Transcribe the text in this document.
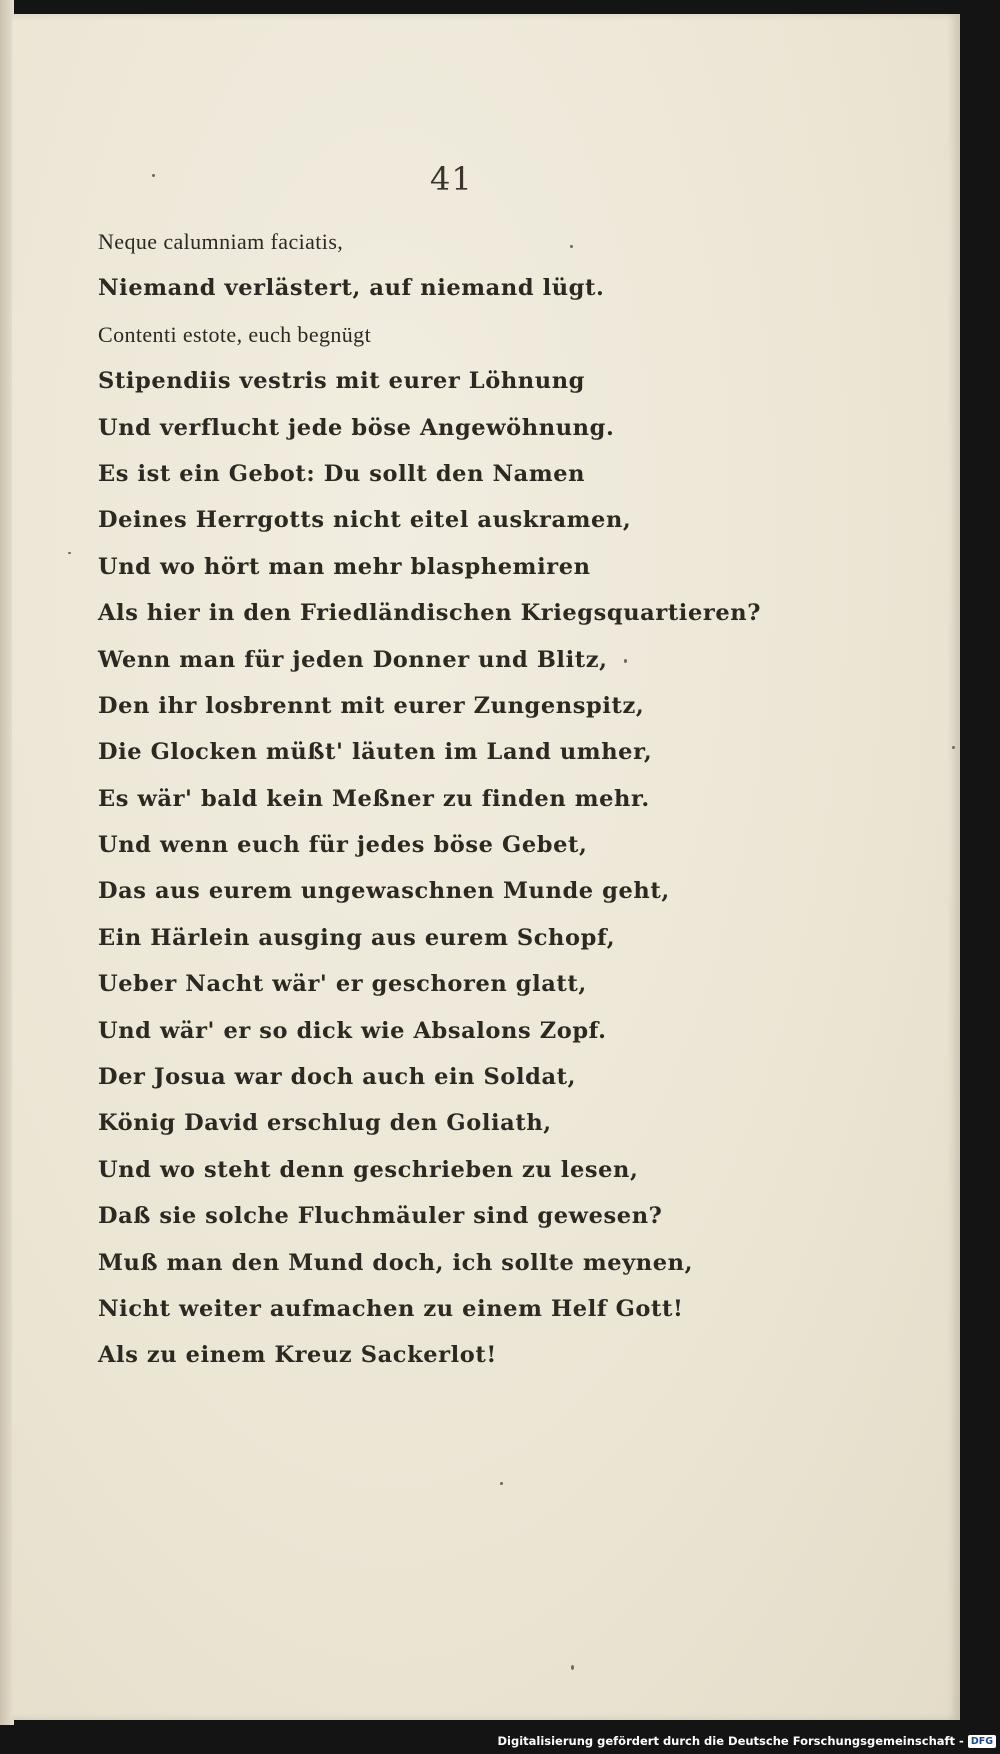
41
Neque calumniam faciatis,
Niemand verlästert, auf niemand lügt.
Contenti estote, euch begnügt
Stipendiis vestris mit eurer Löhnung
Und verflucht jede böse Angewöhnung.
Es ist ein Gebot: Du sollt den Namen
Deines Herrgotts nicht eitel auskramen,
Und wo hört man mehr blasphemiren
Als hier in den Friedländischen Kriegsquartieren?
Wenn man für jeden Donner und Blitz,
Den ihr losbrennt mit eurer Zungenspitz,
Die Glocken müßt' läuten im Land umher,
Es wär' bald kein Meßner zu finden mehr.
Und wenn euch für jedes böse Gebet,
Das aus eurem ungewaschnen Munde geht,
Ein Härlein ausging aus eurem Schopf,
Ueber Nacht wär' er geschoren glatt,
Und wär' er so dick wie Absalons Zopf.
Der Josua war doch auch ein Soldat,
König David erschlug den Goliath,
Und wo steht denn geschrieben zu lesen,
Daß sie solche Fluchmäuler sind gewesen?
Muß man den Mund doch, ich sollte meynen,
Nicht weiter aufmachen zu einem Helf Gott!
Als zu einem Kreuz Sackerlot!
Digitalisierung gefördert durch die Deutsche Forschungsgemeinschaft - DFG
